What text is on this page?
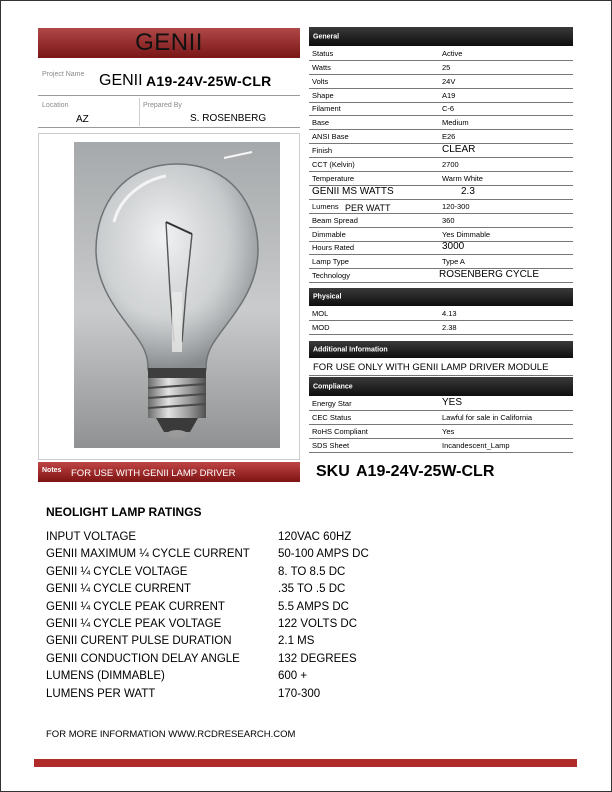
GENII
Project Name GENII A19-24V-25W-CLR
Location
AZ
Prepared By
S. ROSENBERG
Notes FOR USE WITH GENII LAMP DRIVER	SKU A19-24V-25W-CLR
General
Status	Active
Watts	25
Volts	24V
Shape	A19
Filament	C-6
Base	Medium
ANSI Base	E26
Finish	CLEAR
CCT (Kelvin)	2700
Temperature	Warm White
GENII MS WATTS	2.3
Lumens	120-300
Beam Spread	360
Dimmable	Yes Dimmable
Hours Rated	3000
Lamp Type	Type A
Technology	ROSENBERG CYCLE
PER WATT
Physical
MOL	4.13
MOD	2.38
Additional Information
FOR USE ONLY WITH GENII LAMP DRIVER MODULE
Compliance
Energy Star	YES
CEC Status	Lawful for sale in California
RoHS Compliant	Yes
SDS Sheet	Incandescent_Lamp
NEOLIGHT LAMP RATINGS
INPUT VOLTAGE	120VAC 60HZ
GENII MAXIMUM ¼ CYCLE CURRENT 50-100 AMPS DC
GENII ¼ CYCLE VOLTAGE	8. TO 8.5 DC
GENII ¼ CYCLE CURRENT	.35 TO .5 DC
GENII ¼ CYCLE PEAK CURRENT	5.5 AMPS DC
GENII ¼ CYCLE PEAK VOLTAGE	122 VOLTS DC
GENII CURENT PULSE DURATION	2.1 MS
GENII CONDUCTION DELAY ANGLE	132 DEGREES
LUMENS (DIMMABLE)	600 +
LUMENS PER WATT	170-300
FOR MORE INFORMATION WWW.RCDRESEARCH.COM
